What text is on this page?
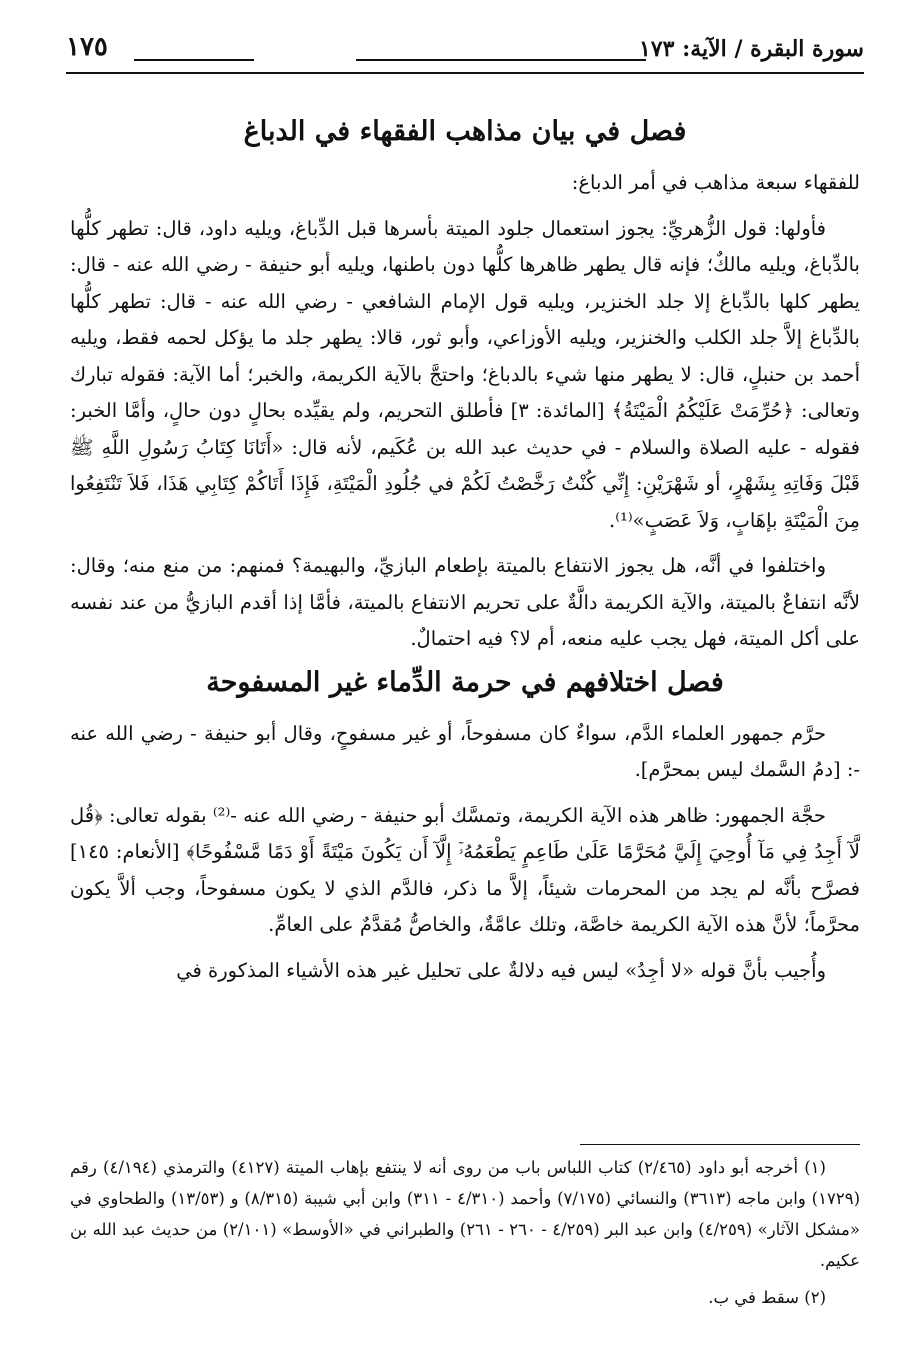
سورة البقرة / الآية: ١٧٣
١٧٥
فصل في بيان مذاهب الفقهاء في الدباغ

للفقهاء سبعة مذاهب في أمر الدباغ:

فأولها: قول الزُّهريِّ: يجوز استعمال جلود الميتة بأسرها قبل الدِّباغ، ويليه داود، قال: تطهر كلُّها بالدِّباغ، ويليه مالكٌ؛ فإنه قال يطهر ظاهرها كلُّها دون باطنها، ويليه أبو حنيفة - رضي الله عنه - قال: يطهر كلها بالدِّباغ إلا جلد الخنزير، ويليه قول الإمام الشافعي - رضي الله عنه - قال: تطهر كلُّها بالدِّباغ إلاَّ جلد الكلب والخنزير، ويليه الأوزاعي، وأبو ثور، قالا: يطهر جلد ما يؤكل لحمه فقط، ويليه أحمد بن حنبلٍ، قال: لا يطهر منها شيء بالدباغ؛ واحتجَّ بالآية الكريمة، والخبر؛ أما الآية: فقوله تبارك وتعالى: ﴿حُرِّمَتْ عَلَيْكُمُ الْمَيْتَةُ﴾ [المائدة: ٣] فأطلق التحريم، ولم يقيِّده بحالٍ دون حالٍ، وأمَّا الخبر: فقوله - عليه الصلاة والسلام - في حديث عبد الله بن عُكَيم، لأنه قال: «أَتَانَا كِتَابُ رَسُولِ اللَّهِ ﷺ قَبْلَ وَفَاتِهِ بِشَهْرٍ، أو شَهْرَيْنِ: إِنِّي كُنْتُ رَخَّصْتُ لَكُمْ في جُلُودِ الْمَيْتَةِ، فَإِذَا أَتَاكُمْ كِتَابِي هَذَا، فَلاَ تَنْتَفِعُوا مِنَ الْمَيْتَةِ بإهَابٍ، وَلاَ عَصَبٍ»⁽¹⁾.

واختلفوا في أنَّه، هل يجوز الانتفاع بالميتة بإطعام البازيِّ، والبهيمة؟ فمنهم: من منع منه؛ وقال: لأنَّه انتفاعٌ بالميتة، والآية الكريمة دالَّةٌ على تحريم الانتفاع بالميتة، فأمَّا إذا أقدم البازيُّ من عند نفسه على أكل الميتة، فهل يجب عليه منعه، أم لا؟ فيه احتمالٌ.

فصل اختلافهم في حرمة الدِّماء غير المسفوحة

حرَّم جمهور العلماء الدَّم، سواءٌ كان مسفوحاً، أو غير مسفوحٍ، وقال أبو حنيفة - رضي الله عنه -: [دمُ السَّمك ليس بمحرَّم].

حجَّة الجمهور: ظاهر هذه الآية الكريمة، وتمسَّك أبو حنيفة - رضي الله عنه -⁽²⁾ بقوله تعالى: ﴿قُل لَّآ أَجِدُ فِي مَآ أُوحِيَ إِلَيَّ مُحَرَّمًا عَلَىٰ طَاعِمٍ يَطْعَمُهُۥٓ إِلَّآ أَن يَكُونَ مَيْتَةً أَوْ دَمًا مَّسْفُوحًا﴾ [الأنعام: ١٤٥] فصرَّح بأنَّه لم يجد من المحرمات شيئاً، إلاَّ ما ذكر، فالدَّم الذي لا يكون مسفوحاً، وجب ألاَّ يكون محرَّماً؛ لأنَّ هذه الآية الكريمة خاصَّة، وتلك عامَّةٌ، والخاصُّ مُقدَّمٌ على العامِّ.

وأُجيب بأنَّ قوله «لا أجِدُ» ليس فيه دلالةٌ على تحليل غير هذه الأشياء المذكورة في

(١) أخرجه أبو داود (٢/٤٦٥) كتاب اللباس باب من روى أنه لا ينتفع بإهاب الميتة (٤١٢٧) والترمذي (٤/١٩٤) رقم (١٧٢٩) وابن ماجه (٣٦١٣) والنسائي (٧/١٧٥) وأحمد (٤/٣١٠ - ٣١١) وابن أبي شيبة (٨/٣١٥) و (١٣/٥٣) والطحاوي في «مشكل الآثار» (٤/٢٥٩) وابن عبد البر (٤/٢٥٩ - ٢٦٠ - ٢٦١) والطبراني في «الأوسط» (٢/١٠١) من حديث عبد الله بن عكيم.

(٢) سقط في ب.
